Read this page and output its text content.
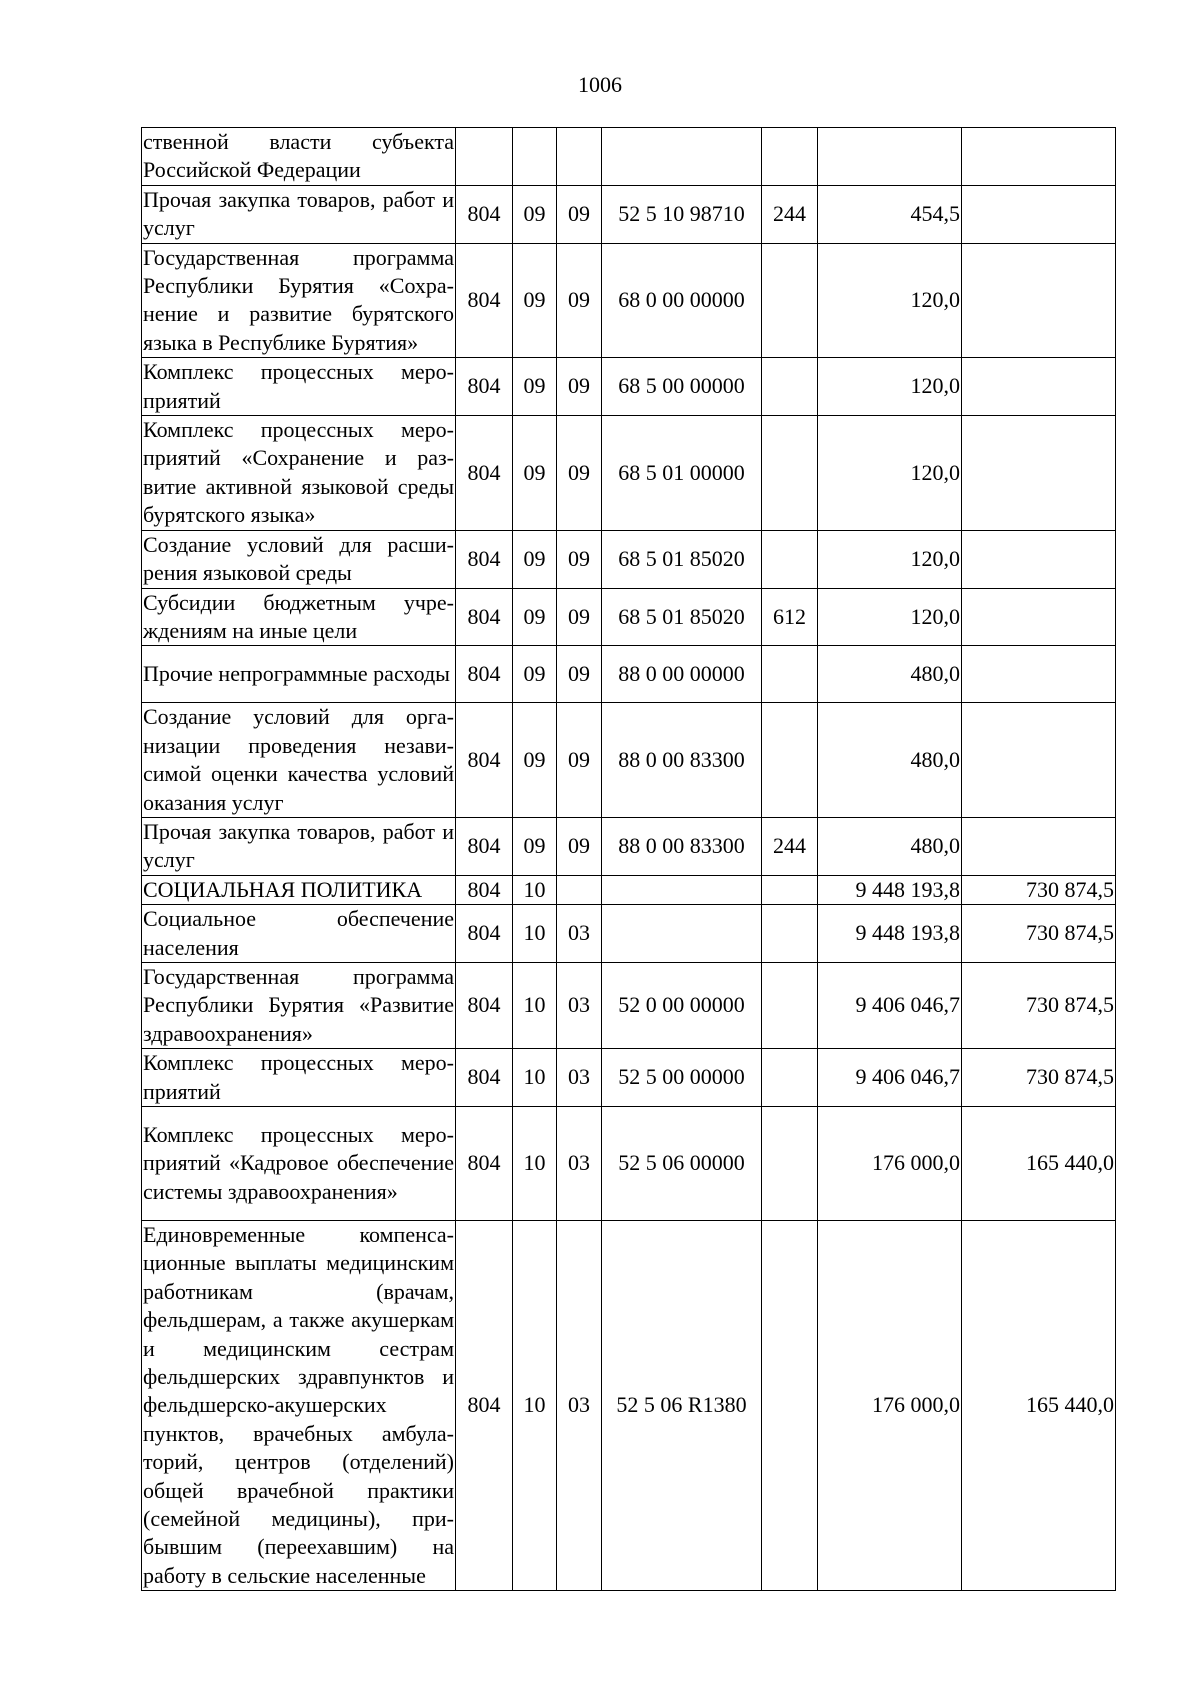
1006
ственной власти субъекта Российской Федерации							
Прочая закупка товаров, работ и услуг	804	09	09	52 5 10 98710	244	454,5	
Государственная программа Республики Бурятия «Сохранение и развитие бурятского языка в Республике Бурятия»	804	09	09	68 0 00 00000		120,0	
Комплекс процессных мероприятий	804	09	09	68 5 00 00000		120,0	
Комплекс процессных мероприятий «Сохранение и развитие активной языковой среды бурятского языка»	804	09	09	68 5 01 00000		120,0	
Создание условий для расширения языковой среды	804	09	09	68 5 01 85020		120,0	
Субсидии бюджетным учреждениям на иные цели	804	09	09	68 5 01 85020	612	120,0	
Прочие непрограммные расходы	804	09	09	88 0 00 00000		480,0	
Создание условий для организации проведения независимой оценки качества условий оказания услуг	804	09	09	88 0 00 83300		480,0	
Прочая закупка товаров, работ и услуг	804	09	09	88 0 00 83300	244	480,0	
СОЦИАЛЬНАЯ ПОЛИТИКА	804	10				9 448 193,8	730 874,5
Социальное обеспечение населения	804	10	03			9 448 193,8	730 874,5
Государственная программа Республики Бурятия «Развитие здравоохранения»	804	10	03	52 0 00 00000		9 406 046,7	730 874,5
Комплекс процессных мероприятий	804	10	03	52 5 00 00000		9 406 046,7	730 874,5
Комплекс процессных мероприятий «Кадровое обеспечение системы здравоохранения»	804	10	03	52 5 06 00000		176 000,0	165 440,0
Единовременные компенсационные выплаты медицинским работникам (врачам, фельдшерам, а также акушеркам и медицинским сестрам фельдшерских здравпунктов и фельдшерско-акушерских пунктов, врачебных амбулаторий, центров (отделений) общей врачебной практики (семейной медицины), прибывшим (переехавшим) на работу в сельские населенные	804	10	03	52 5 06 R1380		176 000,0	165 440,0
